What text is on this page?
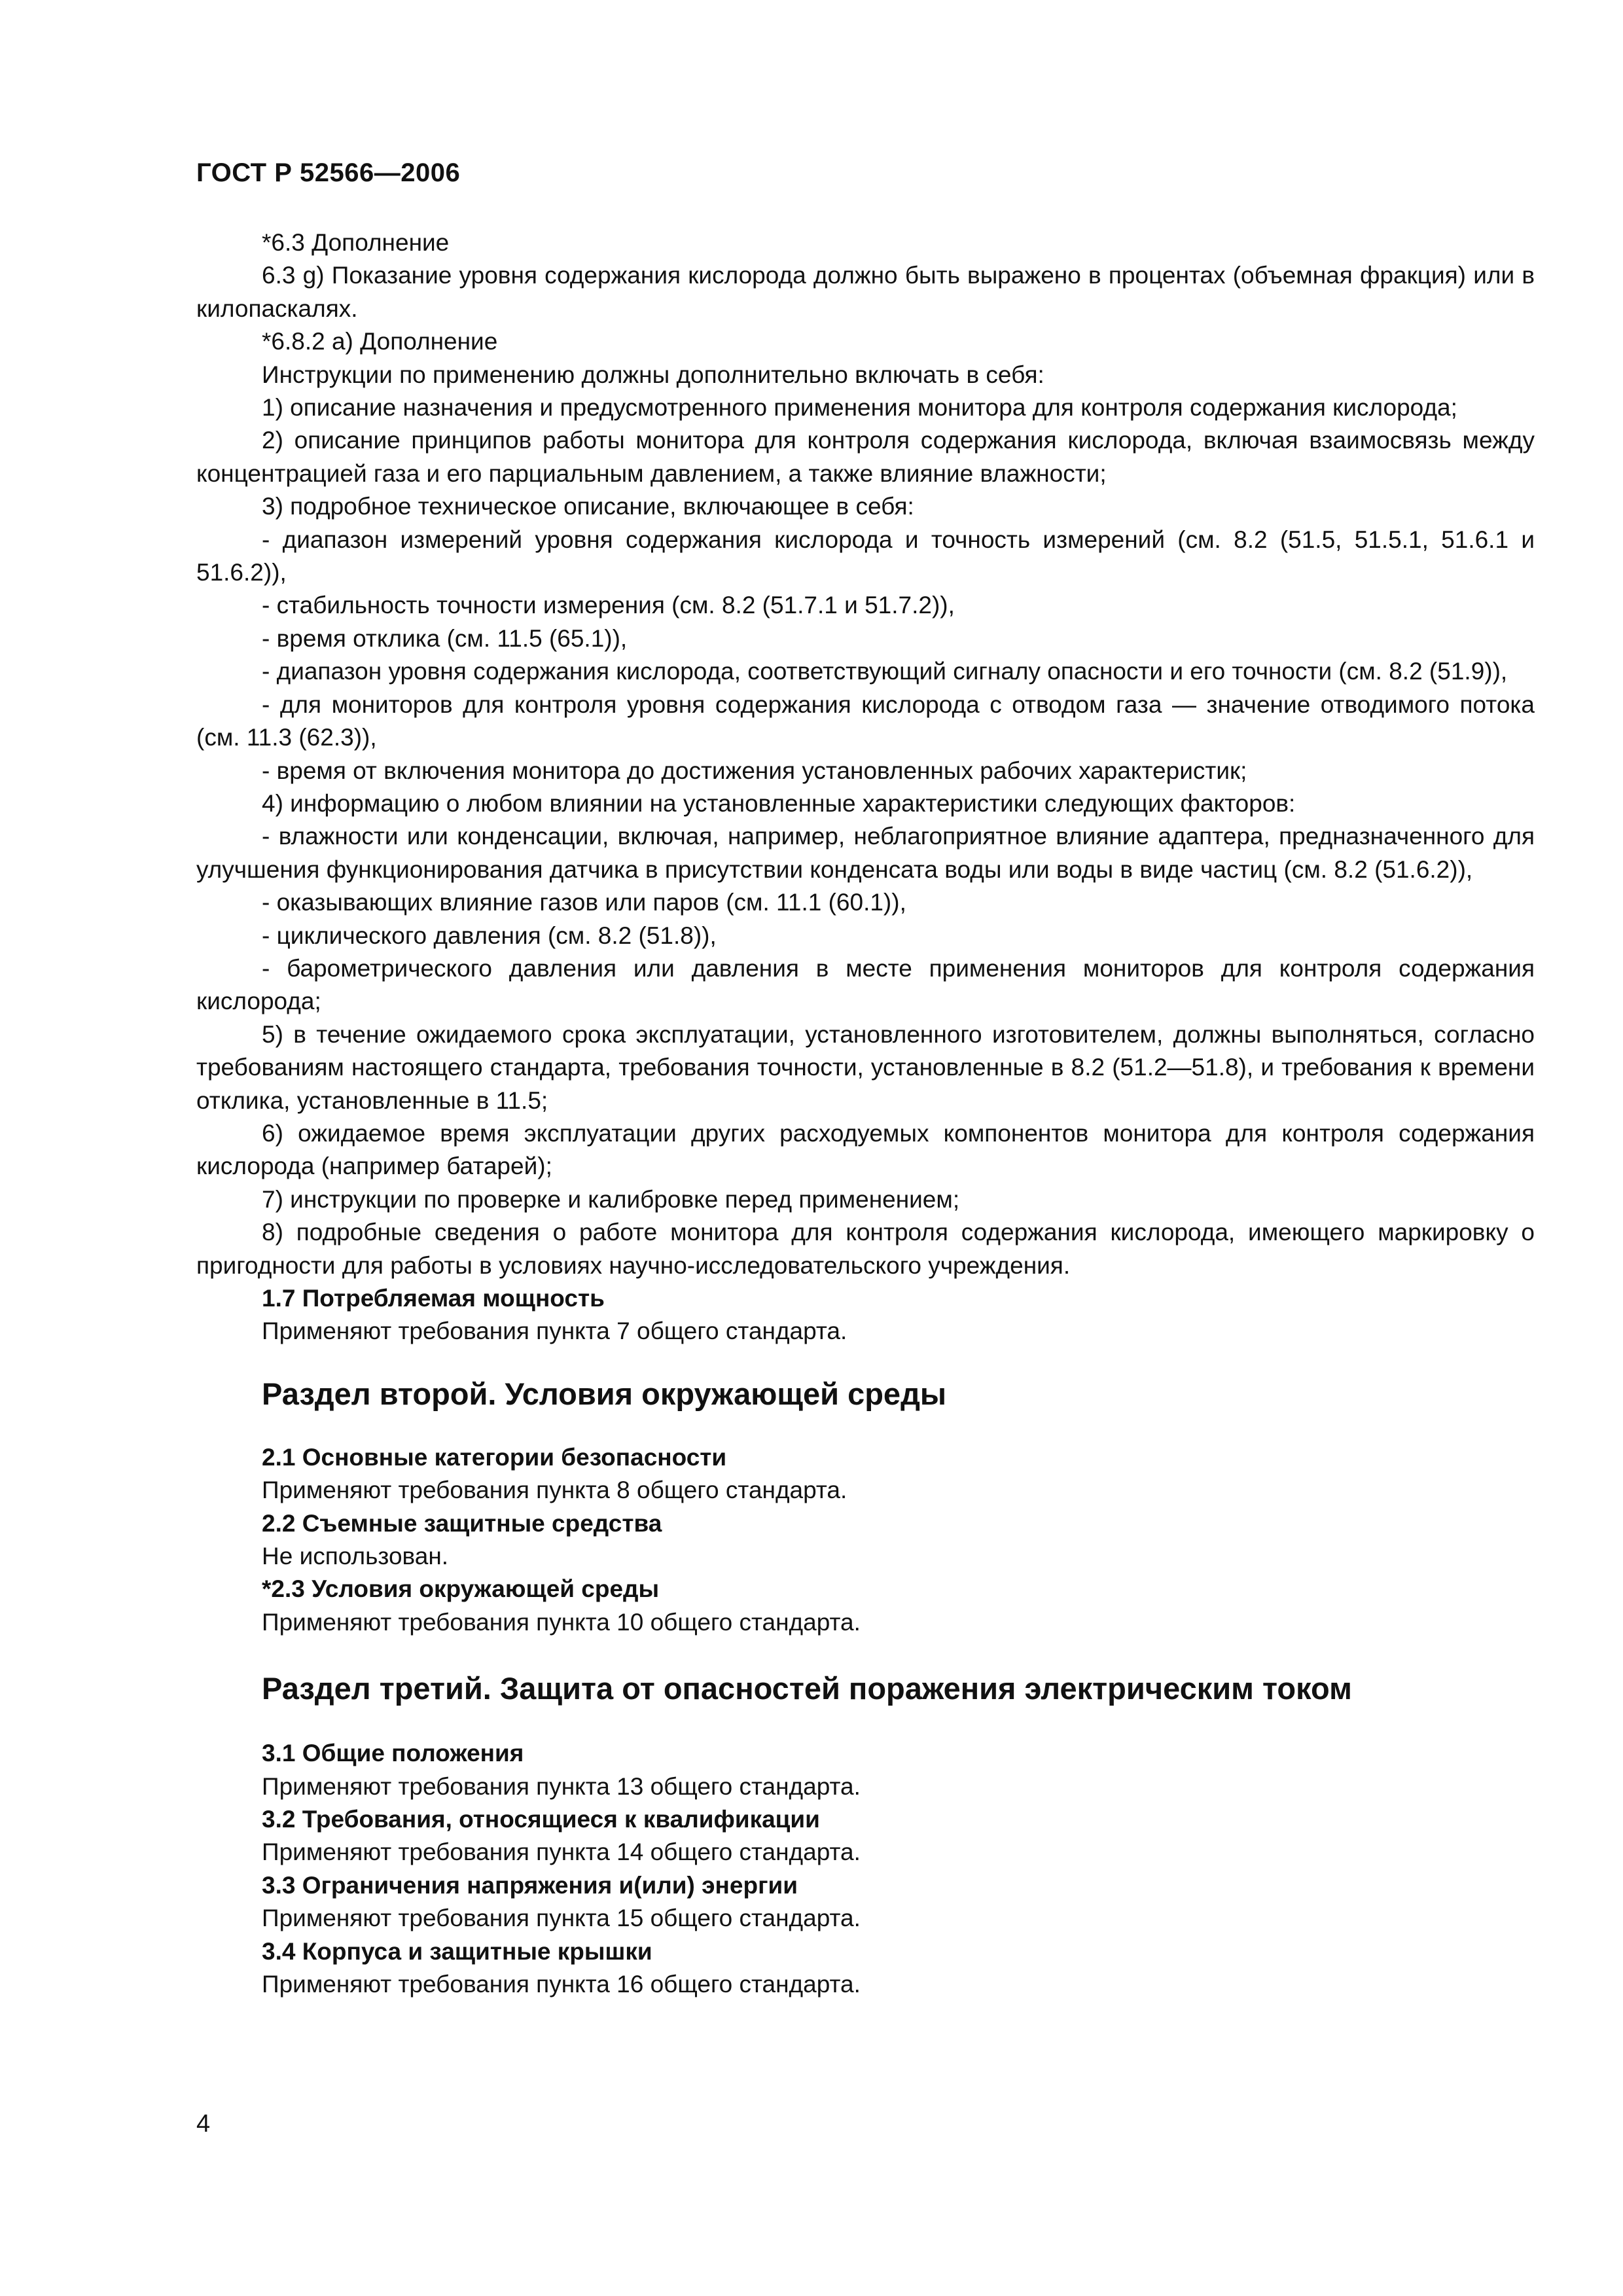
ГОСТ Р 52566—2006

*6.3 Дополнение

6.3 g) Показание уровня содержания кислорода должно быть выражено в процентах (объемная фракция) или в килопаскалях.

*6.8.2 а) Дополнение

Инструкции по применению должны дополнительно включать в себя:

1) описание назначения и предусмотренного применения монитора для контроля содержания кислорода;

2) описание принципов работы монитора для контроля содержания кислорода, включая взаимосвязь между концентрацией газа и его парциальным давлением, а также влияние влажности;

3) подробное техническое описание, включающее в себя:

- диапазон измерений уровня содержания кислорода и точность измерений (см. 8.2 (51.5, 51.5.1, 51.6.1 и 51.6.2)),

- стабильность точности измерения (см. 8.2 (51.7.1 и 51.7.2)),

- время отклика (см. 11.5 (65.1)),

- диапазон уровня содержания кислорода, соответствующий сигналу опасности и его точности (см. 8.2 (51.9)),

- для мониторов для контроля уровня содержания кислорода с отводом газа — значение отводимого потока (см. 11.3 (62.3)),

- время от включения монитора до достижения установленных рабочих характеристик;

4) информацию о любом влиянии на установленные характеристики следующих факторов:

- влажности или конденсации, включая, например, неблагоприятное влияние адаптера, предназначенного для улучшения функционирования датчика в присутствии конденсата воды или воды в виде частиц (см. 8.2 (51.6.2)),

- оказывающих влияние газов или паров (см. 11.1 (60.1)),

- циклического давления (см. 8.2 (51.8)),

- барометрического давления или давления в месте применения мониторов для контроля содержания кислорода;

5) в течение ожидаемого срока эксплуатации, установленного изготовителем, должны выполняться, согласно требованиям настоящего стандарта, требования точности, установленные в 8.2 (51.2—51.8), и требования к времени отклика, установленные в 11.5;

6) ожидаемое время эксплуатации других расходуемых компонентов монитора для контроля содержания кислорода (например батарей);

7) инструкции по проверке и калибровке перед применением;

8) подробные сведения о работе монитора для контроля содержания кислорода, имеющего маркировку о пригодности для работы в условиях научно-исследовательского учреждения.

1.7 Потребляемая мощность

Применяют требования пункта 7 общего стандарта.

Раздел второй. Условия окружающей среды
2.1 Основные категории безопасности

Применяют требования пункта 8 общего стандарта.

2.2 Съемные защитные средства

Не использован.

*2.3 Условия окружающей среды

Применяют требования пункта 10 общего стандарта.

Раздел третий. Защита от опасностей поражения электрическим током
3.1 Общие положения

Применяют требования пункта 13 общего стандарта.

3.2 Требования, относящиеся к квалификации

Применяют требования пункта 14 общего стандарта.

3.3 Ограничения напряжения и(или) энергии

Применяют требования пункта 15 общего стандарта.

3.4 Корпуса и защитные крышки

Применяют требования пункта 16 общего стандарта.

4
